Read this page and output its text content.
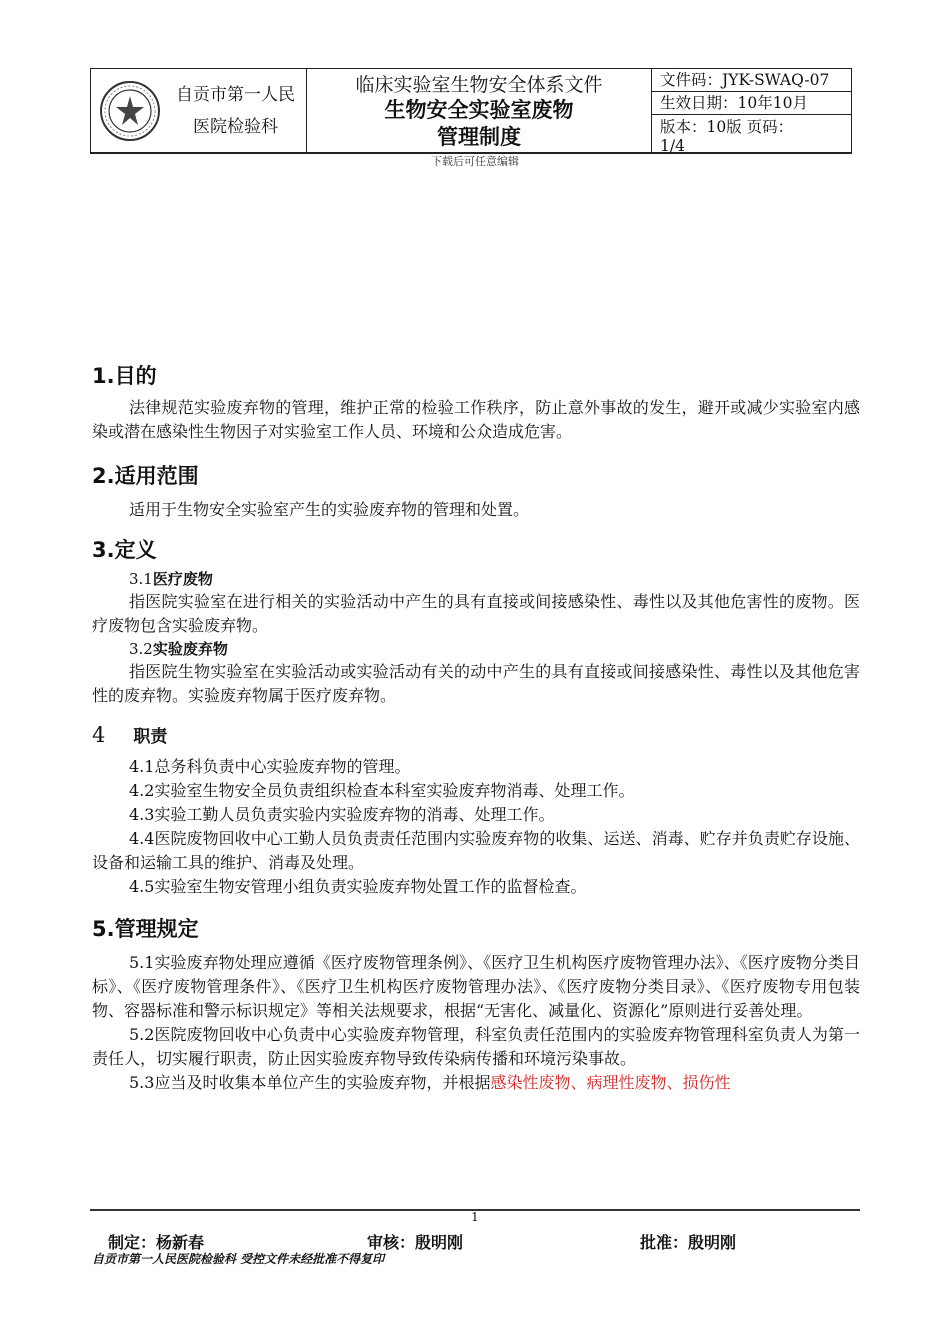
自贡市第一人民
医院检验科
临床实验室生物安全体系文件
生物安全实验室废物
管理制度
文件码：JYK-SWAQ-07
生效日期：10年10月
版本：10版 页码：
1/4
下载后可任意编辑
1.目的

法律规范实验废弃物的管理，维护正常的检验工作秩序，防止意外事故的发生，避开或减少实验室内感染或潜在感染性生物因子对实验室工作人员、环境和公众造成危害。

2.适用范围

适用于生物安全实验室产生的实验废弃物的管理和处置。

3.定义
3.1医疗废物

指医院实验室在进行相关的实验活动中产生的具有直接或间接感染性、毒性以及其他危害性的废物。医疗废物包含实验废弃物。

3.2实验废弃物

指医院生物实验室在实验活动或实验活动有关的动中产生的具有直接或间接感染性、毒性以及其他危害性的废弃物。实验废弃物属于医疗废弃物。

4 职责

4.1总务科负责中心实验废弃物的管理。

4.2实验室生物安全员负责组织检查本科室实验废弃物消毒、处理工作。

4.3实验工勤人员负责实验内实验废弃物的消毒、处理工作。

4.4医院废物回收中心工勤人员负责责任范围内实验废弃物的收集、运送、消毒、贮存并负责贮存设施、设备和运输工具的维护、消毒及处理。

4.5实验室生物安管理小组负责实验废弃物处置工作的监督检查。

5.管理规定

5.1实验废弃物处理应遵循《医疗废物管理条例》、《医疗卫生机构医疗废物管理办法》、《医疗废物分类目标》、《医疗废物管理条件》、《医疗卫生机构医疗废物管理办法》、《医疗废物分类目录》、《医疗废物专用包装物、容器标准和警示标识规定》等相关法规要求，根据“无害化、减量化、资源化”原则进行妥善处理。

5.2医院废物回收中心负责中心实验废弃物管理，科室负责任范围内的实验废弃物管理科室负责人为第一责任人，切实履行职责，防止因实验废弃物导致传染病传播和环境污染事故。

5.3应当及时收集本单位产生的实验废弃物，并根据感染性废物、病理性废物、损伤性

1
制定：杨新春	审核：殷明刚	批准：殷明刚
自贡市第一人民医院检验科 受控文件未经批准不得复印
